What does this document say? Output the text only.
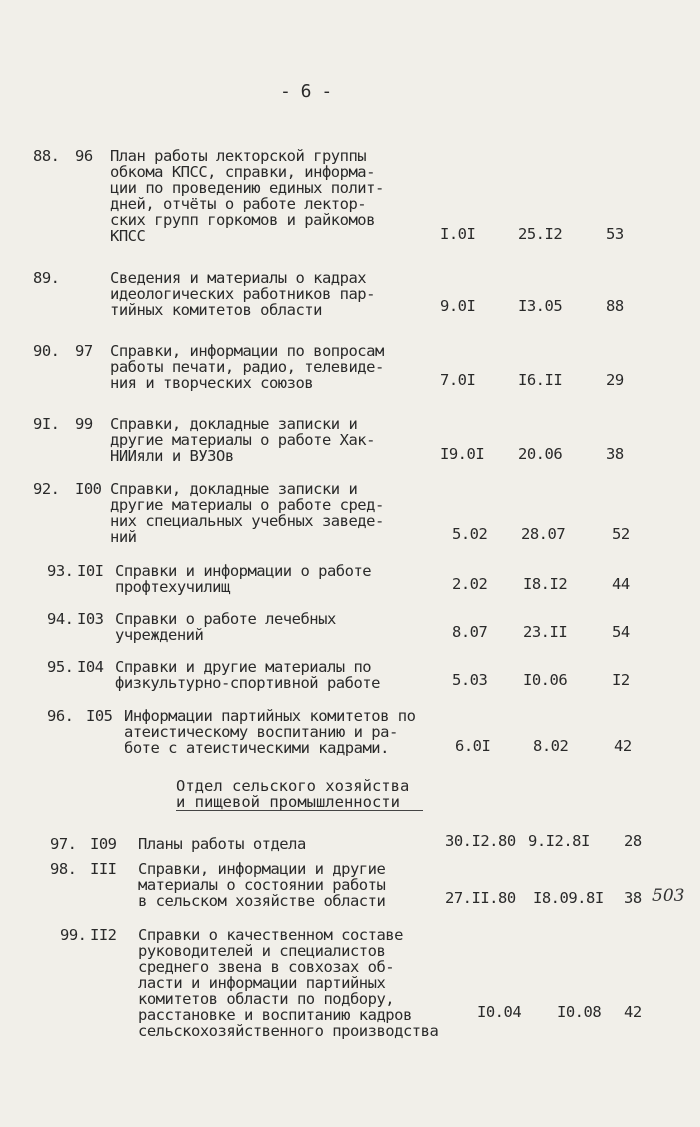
- 6 -
88. 96 План работы лекторской группы
обкома КПСС, справки, информа-
ции по проведению единых полит-
дней, отчёты о работе лектор-
ских групп горкомов и райкомов
КПСС	I.0I	25.I2	53
89.	Сведения и материалы о кадрах
идеологических работников пар-
тийных комитетов области	9.0I	I3.05	88
90. 97 Справки, информации по вопросам
работы печати, радио, телевиде-
ния и творческих союзов	7.0I	I6.II	29
9I. 99 Справки, докладные записки и
другие материалы о работе Хак-
НИИяли и ВУЗОв	I9.0I 20.06	38
92. I00 Справки, докладные записки и
другие материалы о работе сред-
них специальных учебных заведе-
ний	5.02 28.07	52
93. I0I Справки и информации о работе
профтехучилищ	2.02 I8.I2	44
94. I03 Справки о работе лечебных
учреждений	8.07 23.II	54
95. I04 Справки и другие материалы по
физкультурно-спортивной работе	5.03 I0.06	I2
96. I05 Информации партийных комитетов по
атеистическому воспитанию и ра-
боте с атеистическими кадрами.	6.0I	8.02	42
Отдел сельского хозяйства
и пищевой промышленности
97. I09 Планы работы отдела	30.I2.80 9.I2.8I 28
98. III Справки, информации и другие
материалы о состоянии работы
в сельском хозяйстве области	27.II.80 I8.09.8I 38 503
99. II2 Справки о качественном составе
руководителей и специалистов
среднего звена в совхозах об-
ласти и информации партийных
комитетов области по подбору,
расстановке и воспитанию кадров
сельскохозяйственного производства
I0.04 I0.08 42
